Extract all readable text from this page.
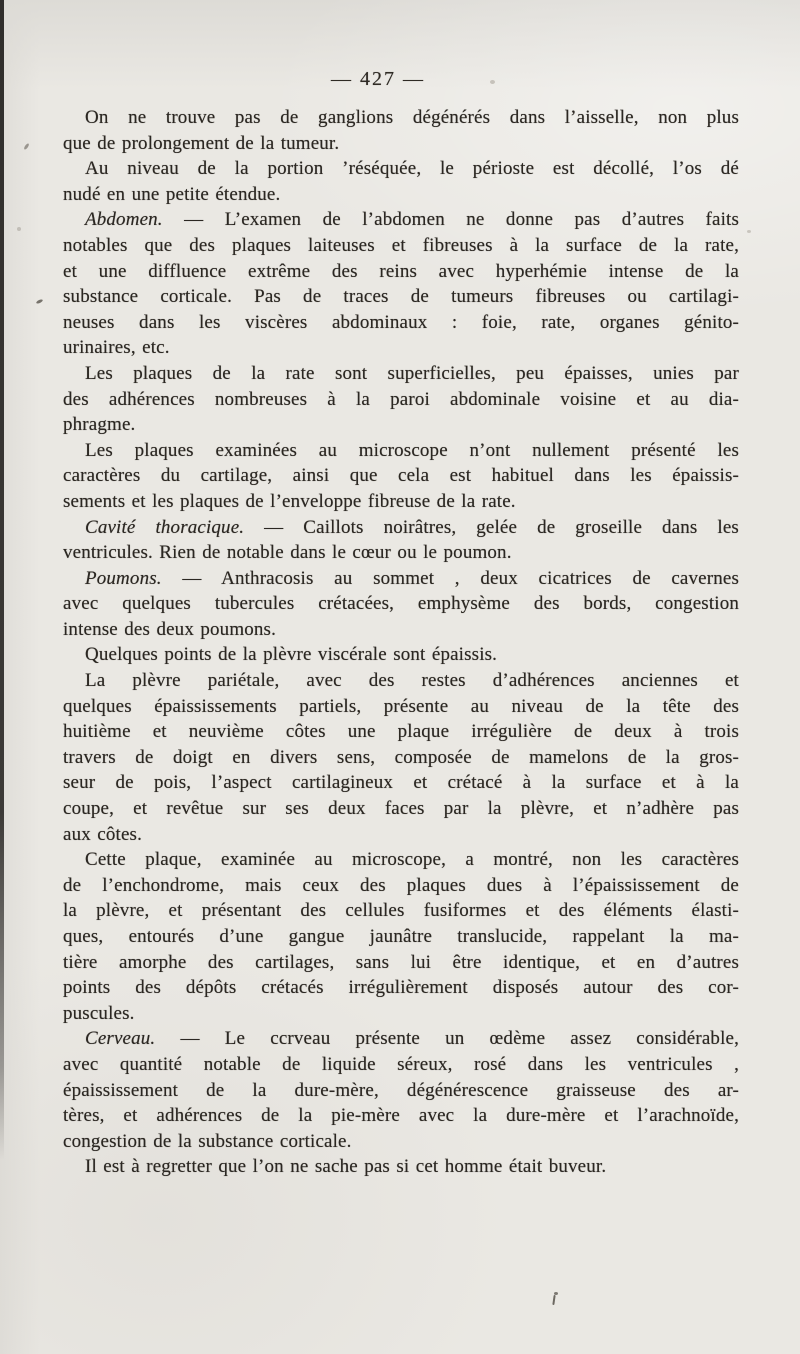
— 427 —
On ne trouve pas de ganglions dégénérés dans l’aisselle, non plus
que de prolongement de la tumeur.
Au niveau de la portion ’réséquée, le périoste est décollé, l’os dé
nudé en une petite étendue.
Abdomen. — L’examen de l’abdomen ne donne pas d’autres faits
notables que des plaques laiteuses et fibreuses à la surface de la rate,
et une diffluence extrême des reins avec hyperhémie intense de la
substance corticale. Pas de traces de tumeurs fibreuses ou cartilagi-
neuses dans les viscères abdominaux : foie, rate, organes génito-
urinaires, etc.
Les plaques de la rate sont superficielles, peu épaisses, unies par
des adhérences nombreuses à la paroi abdominale voisine et au dia-
phragme.
Les plaques examinées au microscope n’ont nullement présenté les
caractères du cartilage, ainsi que cela est habituel dans les épaissis-
sements et les plaques de l’enveloppe fibreuse de la rate.
Cavité thoracique. — Caillots noirâtres, gelée de groseille dans les
ventricules. Rien de notable dans le cœur ou le poumon.
Poumons. — Anthracosis au sommet , deux cicatrices de cavernes
avec quelques tubercules crétacées, emphysème des bords, congestion
intense des deux poumons.
Quelques points de la plèvre viscérale sont épaissis.
La plèvre pariétale, avec des restes d’adhérences anciennes et
quelques épaississements partiels, présente au niveau de la tête des
huitième et neuvième côtes une plaque irrégulière de deux à trois
travers de doigt en divers sens, composée de mamelons de la gros-
seur de pois, l’aspect cartilagineux et crétacé à la surface et à la
coupe, et revêtue sur ses deux faces par la plèvre, et n’adhère pas
aux côtes.
Cette plaque, examinée au microscope, a montré, non les caractères
de l’enchondrome, mais ceux des plaques dues à l’épaississement de
la plèvre, et présentant des cellules fusiformes et des éléments élasti-
ques, entourés d’une gangue jaunâtre translucide, rappelant la ma-
tière amorphe des cartilages, sans lui être identique, et en d’autres
points des dépôts crétacés irrégulièrement disposés autour des cor-
puscules.
Cerveau. — Le ccrveau présente un œdème assez considérable,
avec quantité notable de liquide séreux, rosé dans les ventricules ,
épaississement de la dure-mère, dégénérescence graisseuse des ar-
tères, et adhérences de la pie-mère avec la dure-mère et l’arachnoïde,
congestion de la substance corticale.
Il est à regretter que l’on ne sache pas si cet homme était buveur.
